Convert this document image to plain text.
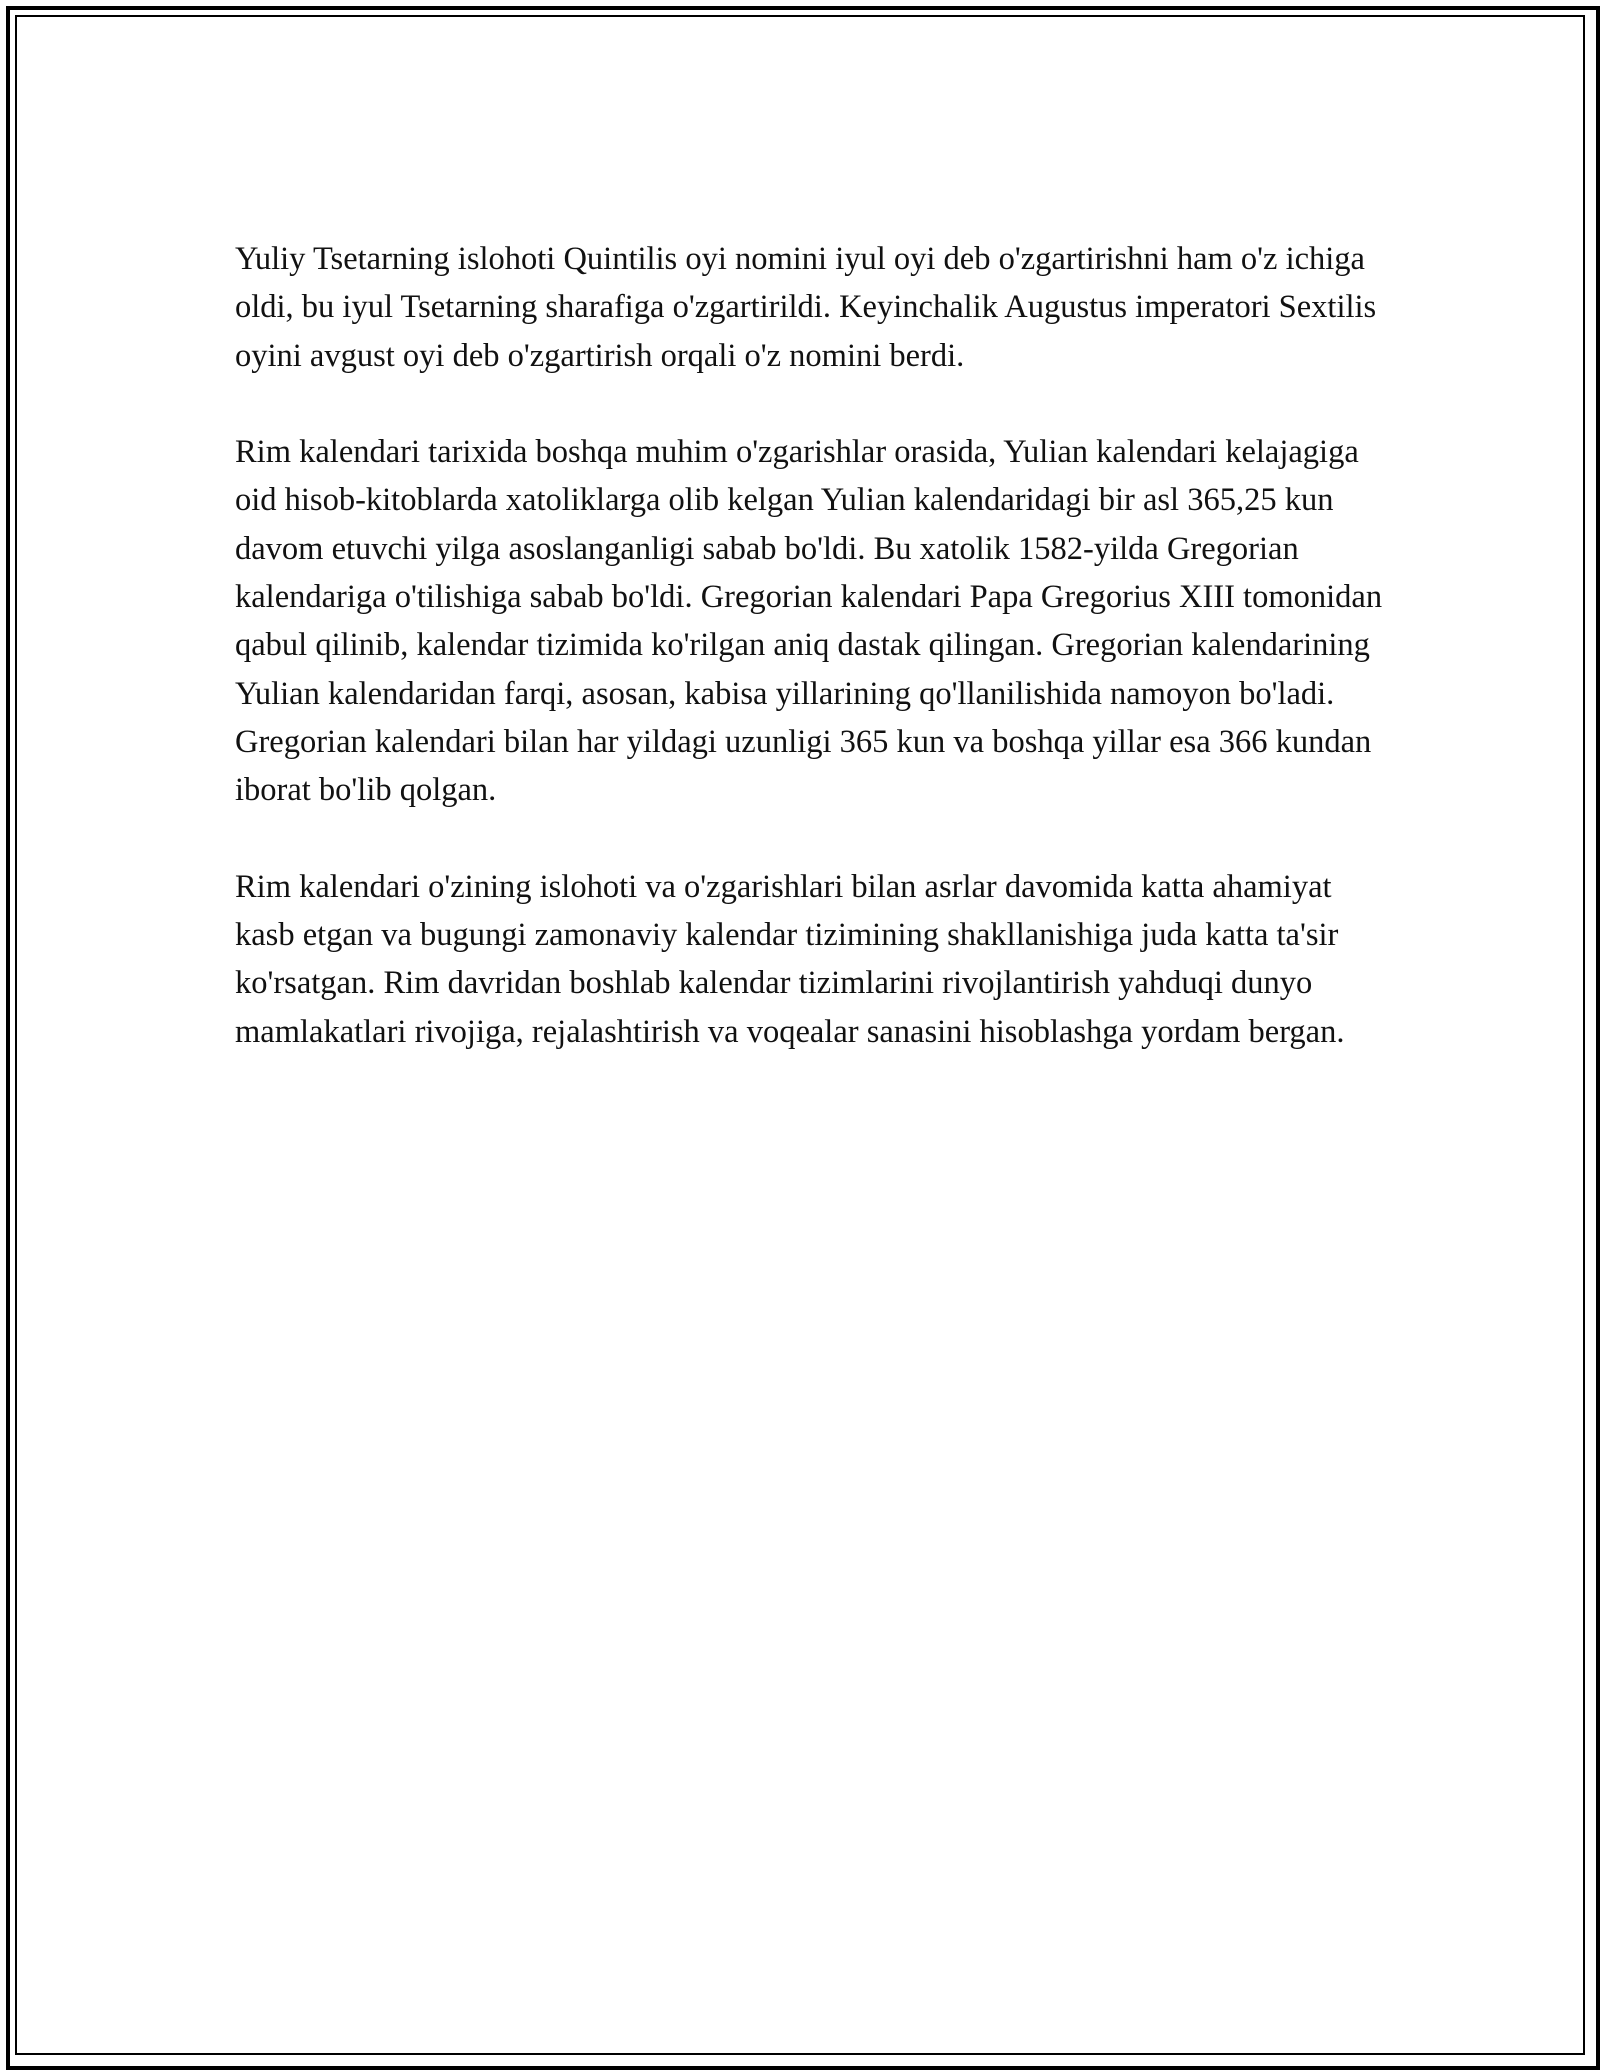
Yuliy Tsetarning islohoti Quintilis oyi nomini iyul oyi deb o'zgartirishni ham o'z ichiga oldi, bu iyul Tsetarning sharafiga o'zgartirildi. Keyinchalik Augustus imperatori Sextilis oyini avgust oyi deb o'zgartirish orqali o'z nomini berdi.

Rim kalendari tarixida boshqa muhim o'zgarishlar orasida, Yulian kalendari kelajagiga oid hisob-kitoblarda xatoliklarga olib kelgan Yulian kalendaridagi bir asl 365,25 kun davom etuvchi yilga asoslanganligi sabab bo'ldi. Bu xatolik 1582-yilda Gregorian kalendariga o'tilishiga sabab bo'ldi. Gregorian kalendari Papa Gregorius XIII tomonidan qabul qilinib, kalendar tizimida ko'rilgan aniq dastak qilingan. Gregorian kalendarining Yulian kalendaridan farqi, asosan, kabisa yillarining qo'llanilishida namoyon bo'ladi. Gregorian kalendari bilan har yildagi uzunligi 365 kun va boshqa yillar esa 366 kundan iborat bo'lib qolgan.

Rim kalendari o'zining islohoti va o'zgarishlari bilan asrlar davomida katta ahamiyat kasb etgan va bugungi zamonaviy kalendar tizimining shakllanishiga juda katta ta'sir ko'rsatgan. Rim davridan boshlab kalendar tizimlarini rivojlantirish yahduqi dunyo mamlakatlari rivojiga, rejalashtirish va voqealar sanasini hisoblashga yordam bergan.
